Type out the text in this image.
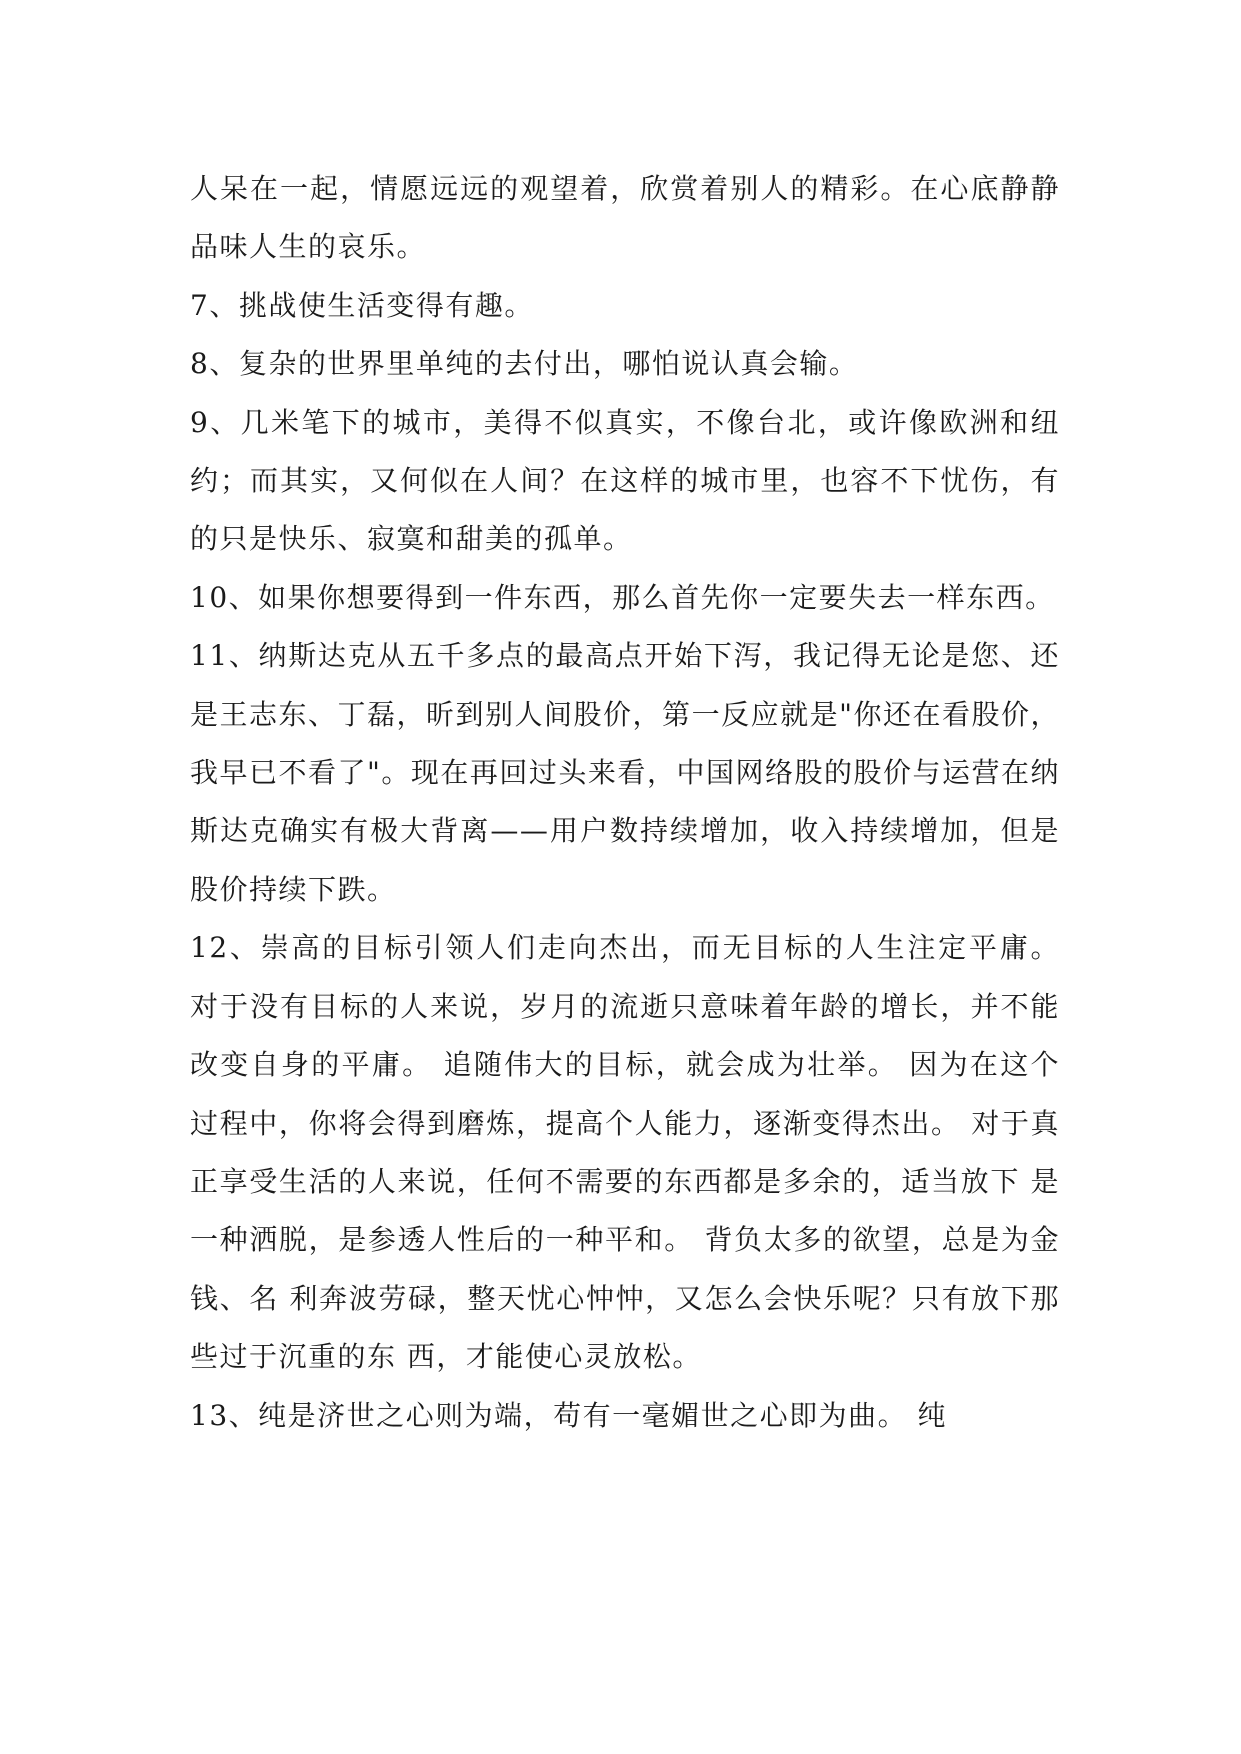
人呆在一起，情愿远远的观望着，欣赏着别人的精彩。在心底静静品味人生的哀乐。

7、挑战使生活变得有趣。

8、复杂的世界里单纯的去付出，哪怕说认真会输。

9、几米笔下的城市，美得不似真实，不像台北，或许像欧洲和纽约；而其实，又何似在人间？在这样的城市里，也容不下忧伤，有的只是快乐、寂寞和甜美的孤单。

10、如果你想要得到一件东西，那么首先你一定要失去一样东西。

11、纳斯达克从五千多点的最高点开始下泻，我记得无论是您、还是王志东、丁磊，昕到别人间股价，第一反应就是"你还在看股价，我早已不看了"。现在再回过头来看，中国网络股的股价与运营在纳斯达克确实有极大背离——用户数持续增加，收入持续增加，但是股价持续下跌。

12、崇高的目标引领人们走向杰出，而无目标的人生注定平庸。 对于没有目标的人来说，岁月的流逝只意味着年龄的增长，并不能改变自身的平庸。 追随伟大的目标，就会成为壮举。 因为在这个过程中，你将会得到磨炼，提高个人能力，逐渐变得杰出。 对于真正享受生活的人来说，任何不需要的东西都是多余的，适当放下 是一种洒脱，是参透人性后的一种平和。 背负太多的欲望，总是为金钱、名 利奔波劳碌，整天忧心忡忡，又怎么会快乐呢？只有放下那些过于沉重的东 西，才能使心灵放松。

13、纯是济世之心则为端，苟有一毫媚世之心即为曲。 纯
